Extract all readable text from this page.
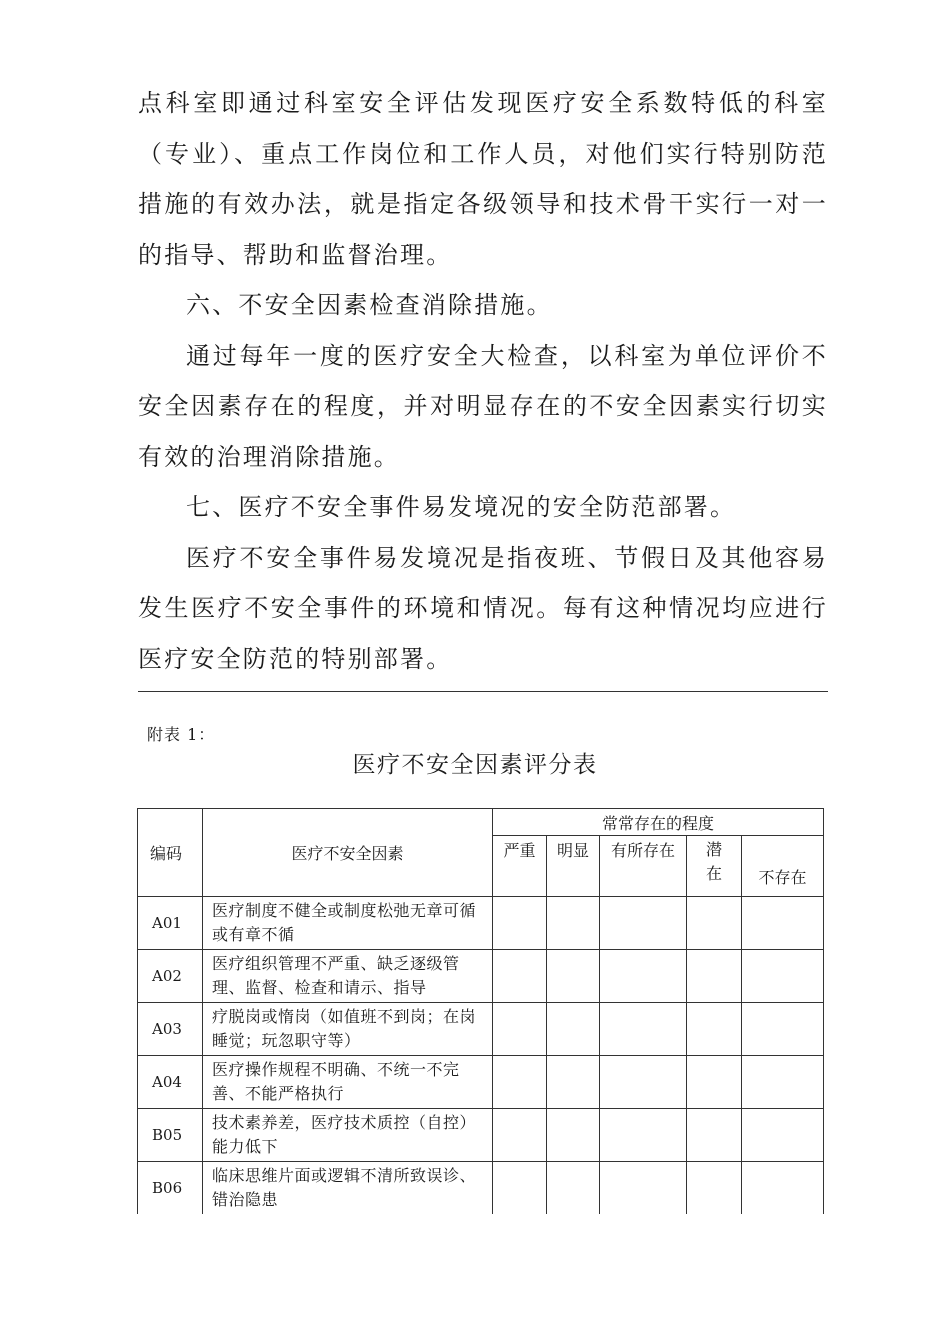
点科室即通过科室安全评估发现医疗安全系数特低的科室（专业）、重点工作岗位和工作人员，对他们实行特别防范措施的有效办法，就是指定各级领导和技术骨干实行一对一的指导、帮助和监督治理。

六、不安全因素检查消除措施。

通过每年一度的医疗安全大检查，以科室为单位评价不安全因素存在的程度，并对明显存在的不安全因素实行切实有效的治理消除措施。

七、医疗不安全事件易发境况的安全防范部署。

医疗不安全事件易发境况是指夜班、节假日及其他容易发生医疗不安全事件的环境和情况。每有这种情况均应进行医疗安全防范的特别部署。

附表 1：
医疗不安全因素评分表
编码	医疗不安全因素	常常存在的程度				
		严重	明显	有所存在	潜在	不存在
A01	医疗制度不健全或制度松弛无章可循或有章不循					
A02	医疗组织管理不严重、缺乏逐级管理、监督、检查和请示、指导					
A03	疗脱岗或惰岗（如值班不到岗；在岗睡觉；玩忽职守等）					
A04	医疗操作规程不明确、不统一不完善、不能严格执行					
B05	技术素养差，医疗技术质控（自控）能力低下					
B06	临床思维片面或逻辑不清所致误诊、错治隐患					
